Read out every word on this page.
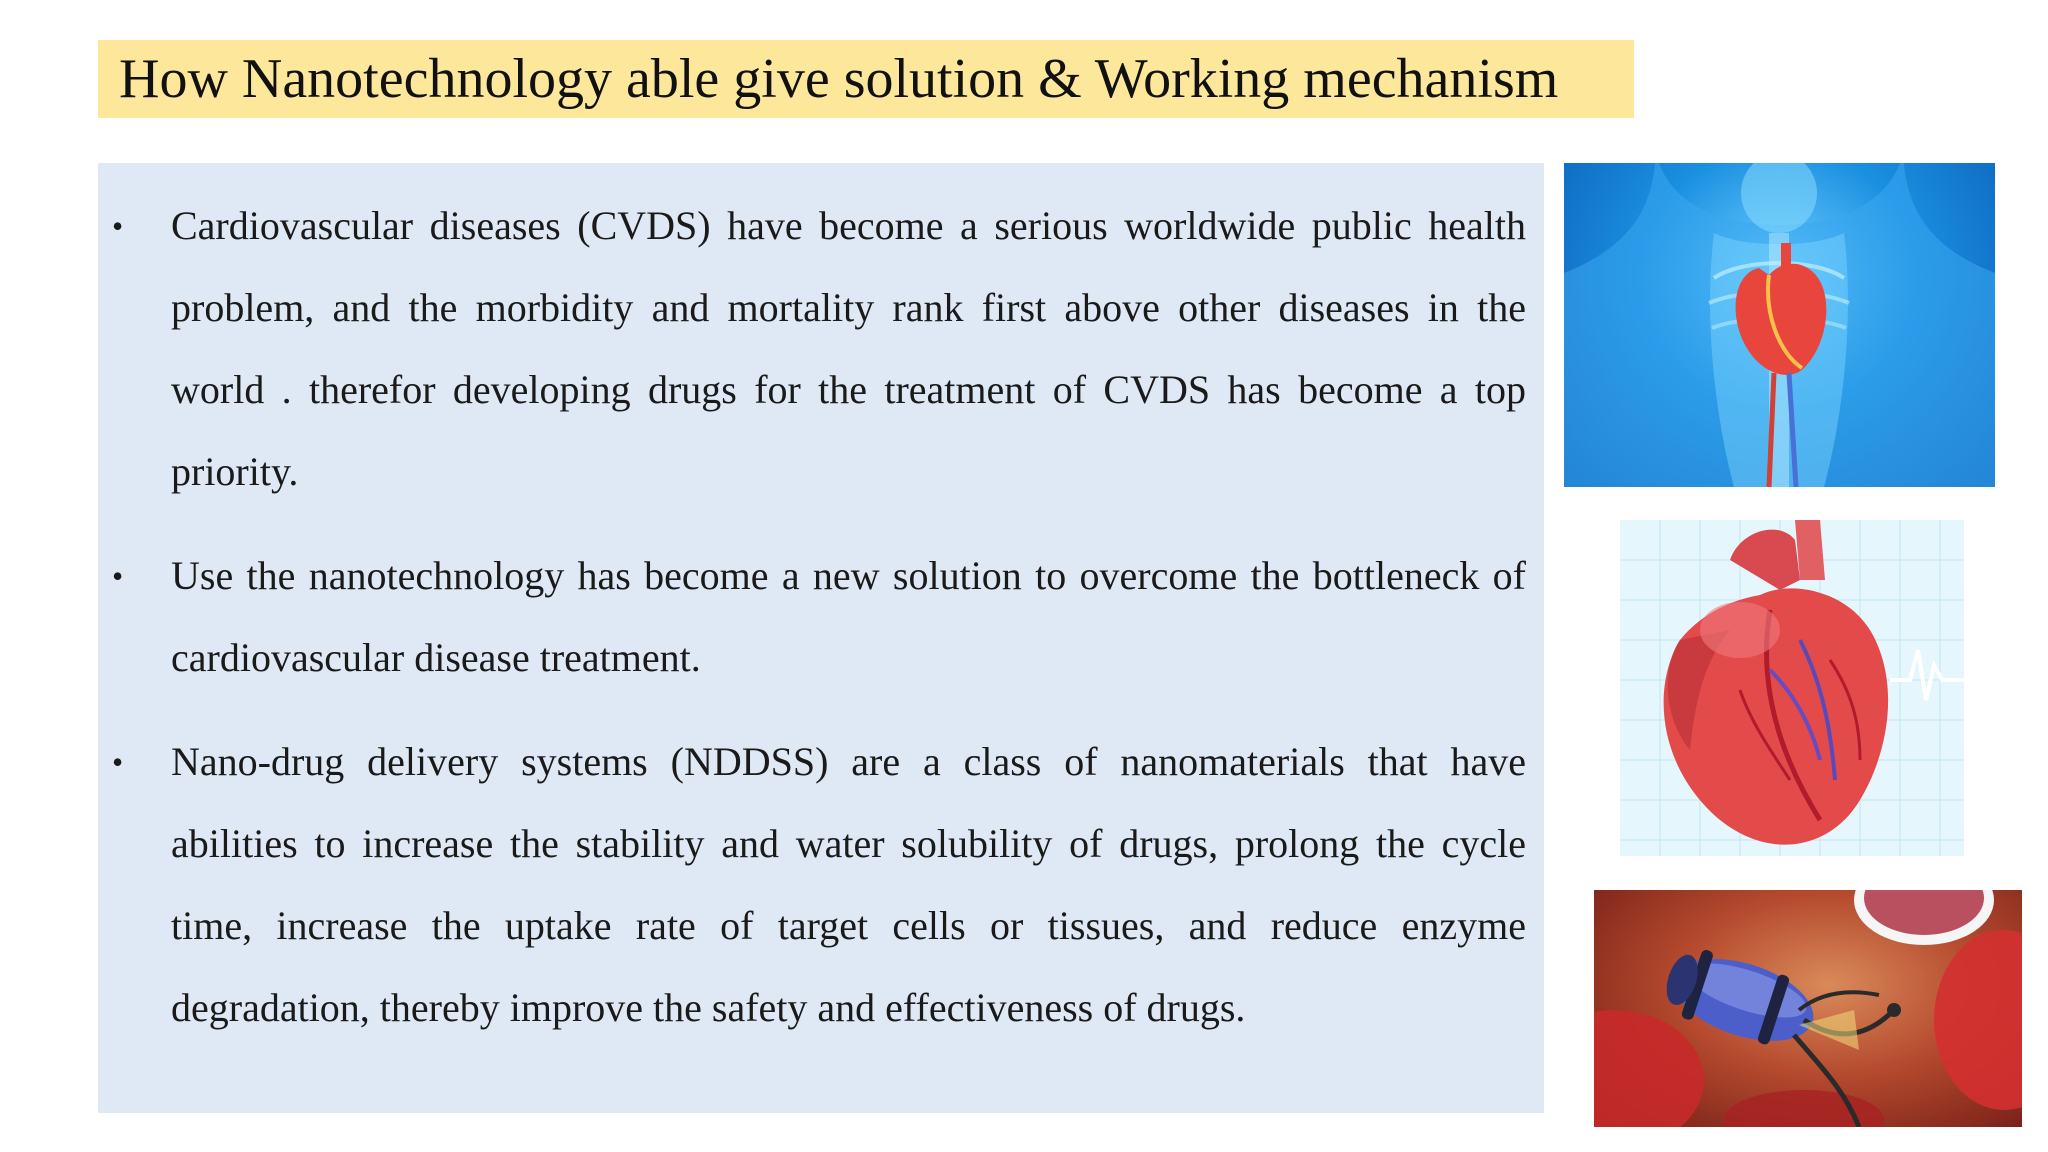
How Nanotechnology able give solution & Working mechanism
• Cardiovascular diseases (CVDS) have become a serious worldwide public health problem, and the morbidity and mortality rank first above other diseases in the world . therefor developing drugs for the treatment of CVDS has become a top priority.
• Use the nanotechnology has become a new solution to overcome the bottleneck of cardiovascular disease treatment.
• Nano-drug delivery systems (NDDSS) are a class of nanomaterials that have abilities to increase the stability and water solubility of drugs, prolong the cycle time, increase the uptake rate of target cells or tissues, and reduce enzyme degradation, thereby improve the safety and effectiveness of drugs.
